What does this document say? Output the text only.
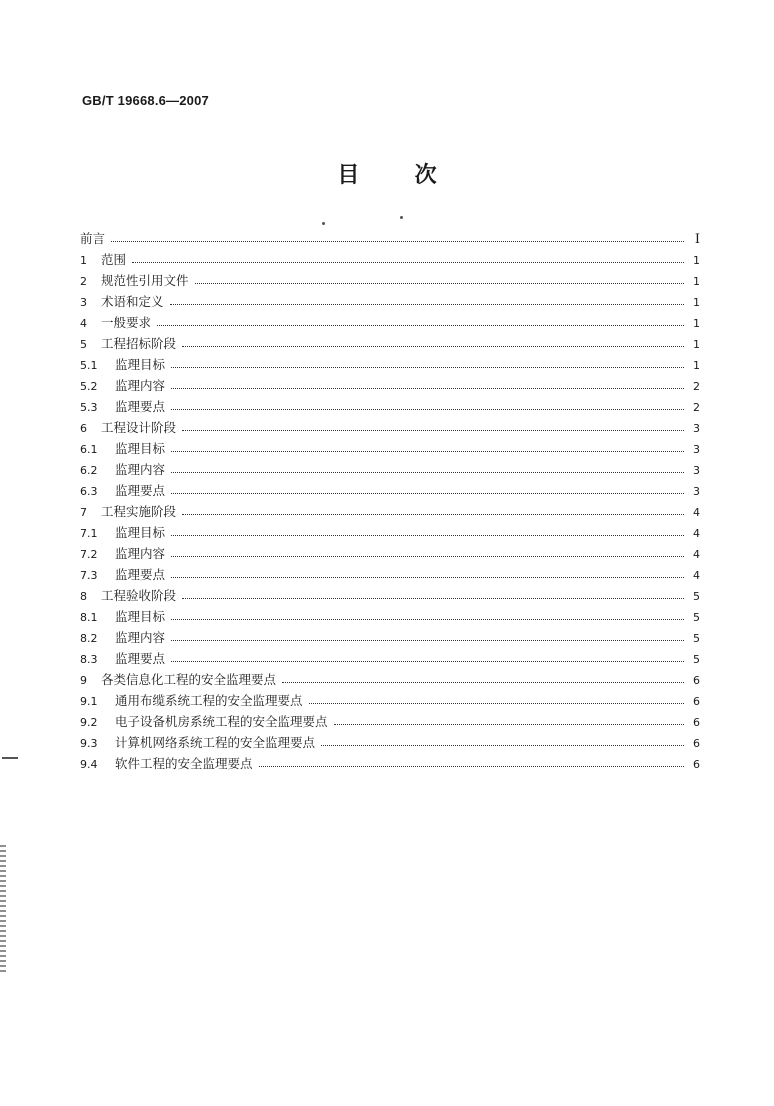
GB/T 19668.6—2007
目	次
前言	I
1	范围	1
2	规范性引用文件	1
3	术语和定义	1
4	一般要求	1
5	工程招标阶段	1
5.1	监理目标	1
5.2	监理内容	2
5.3	监理要点	2
6	工程设计阶段	3
6.1	监理目标	3
6.2	监理内容	3
6.3	监理要点	3
7	工程实施阶段	4
7.1	监理目标	4
7.2	监理内容	4
7.3	监理要点	4
8	工程验收阶段	5
8.1	监理目标	5
8.2	监理内容	5
8.3	监理要点	5
9	各类信息化工程的安全监理要点	6
9.1	通用布缆系统工程的安全监理要点	6
9.2	电子设备机房系统工程的安全监理要点	6
9.3	计算机网络系统工程的安全监理要点	6
9.4	软件工程的安全监理要点	6
